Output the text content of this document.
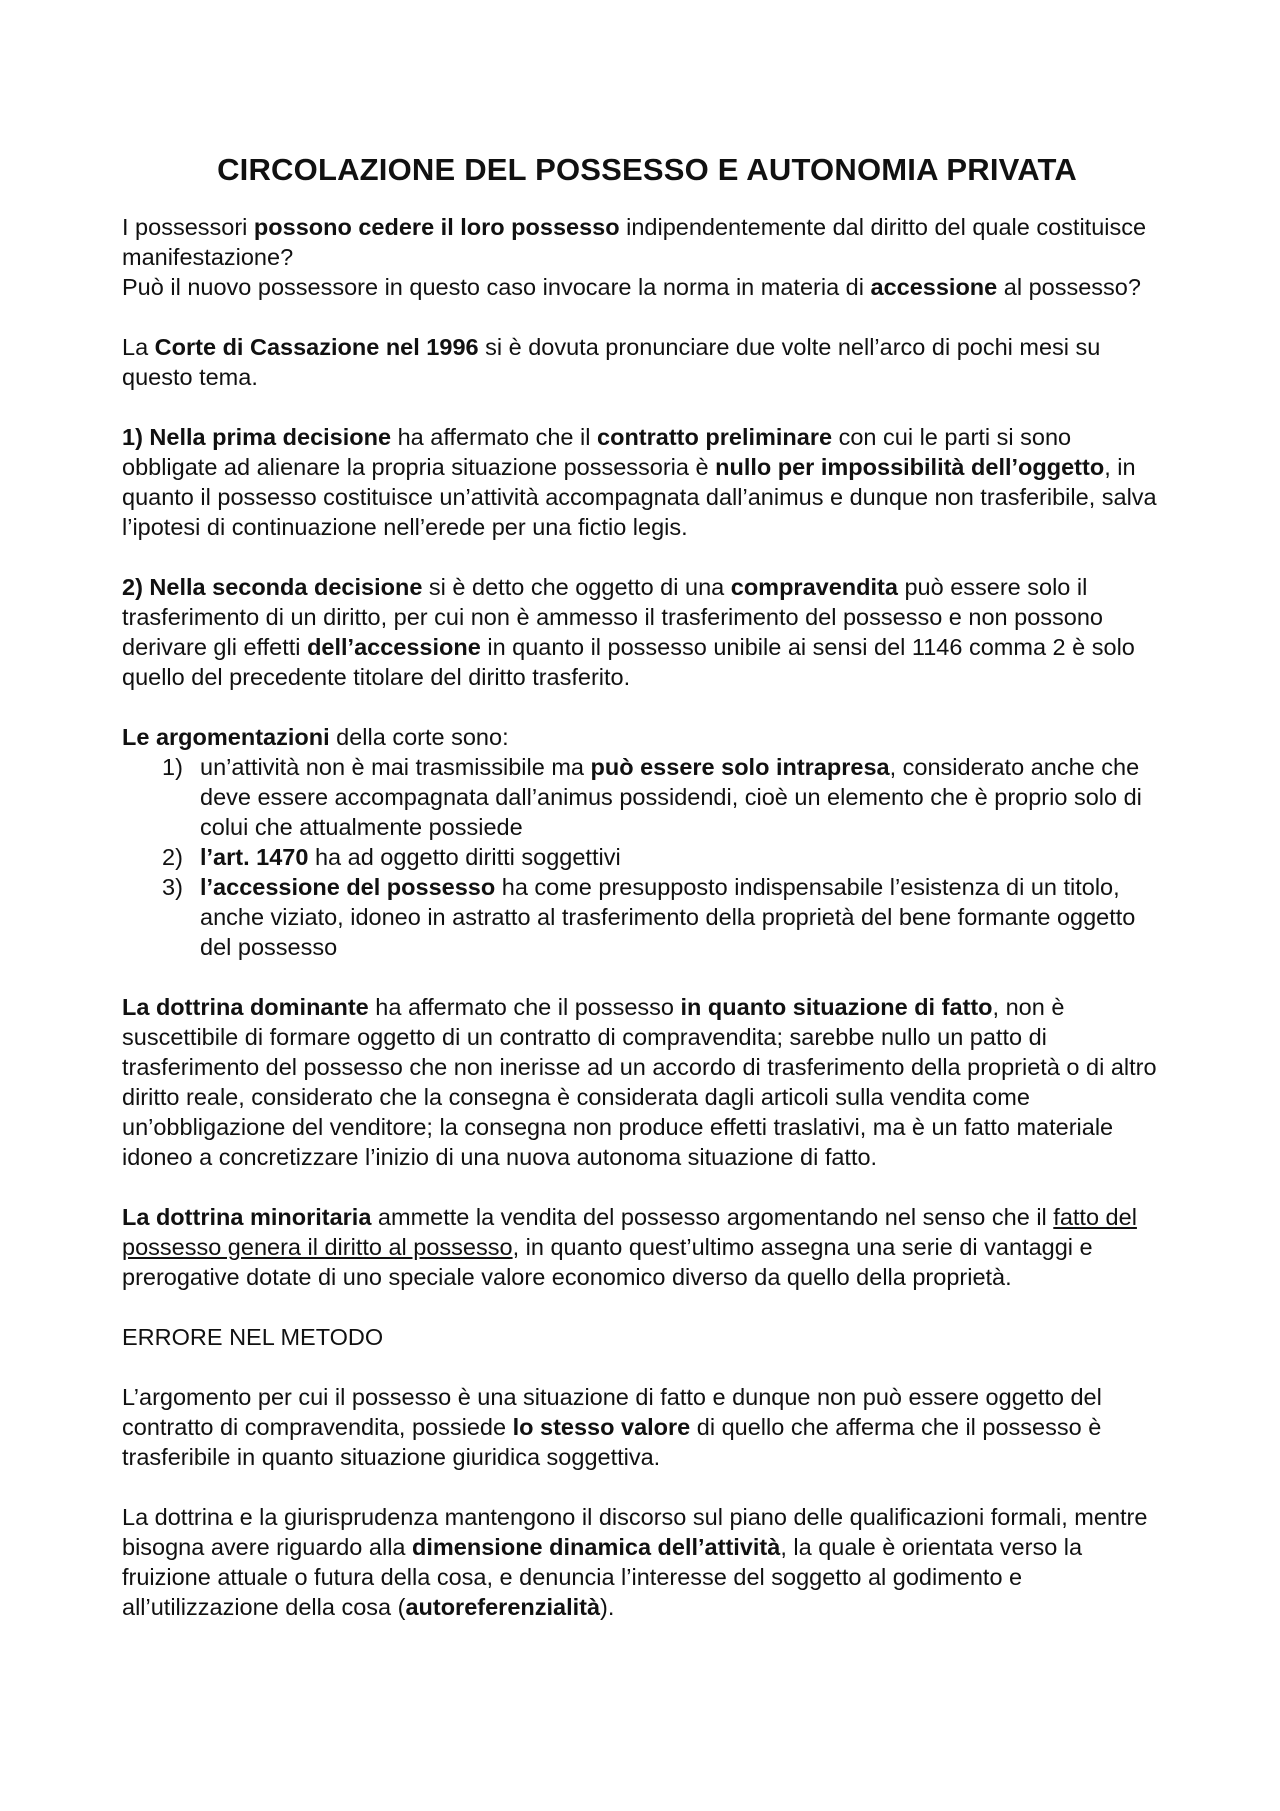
CIRCOLAZIONE DEL POSSESSO E AUTONOMIA PRIVATA

I possessori possono cedere il loro possesso indipendentemente dal diritto del quale costituisce manifestazione?
Può il nuovo possessore in questo caso invocare la norma in materia di accessione al possesso?

La Corte di Cassazione nel 1996 si è dovuta pronunciare due volte nell’arco di pochi mesi su questo tema.

1) Nella prima decisione ha affermato che il contratto preliminare con cui le parti si sono obbligate ad alienare la propria situazione possessoria è nullo per impossibilità dell’oggetto, in quanto il possesso costituisce un’attività accompagnata dall’animus e dunque non trasferibile, salva l’ipotesi di continuazione nell’erede per una fictio legis.

2) Nella seconda decisione si è detto che oggetto di una compravendita può essere solo il trasferimento di un diritto, per cui non è ammesso il trasferimento del possesso e non possono derivare gli effetti dell’accessione in quanto il possesso unibile ai sensi del 1146 comma 2 è solo quello del precedente titolare del diritto trasferito.

Le argomentazioni della corte sono:

1) un’attività non è mai trasmissibile ma può essere solo intrapresa, considerato anche che deve essere accompagnata dall’animus possidendi, cioè un elemento che è proprio solo di colui che attualmente possiede
2) l’art. 1470 ha ad oggetto diritti soggettivi
3) l’accessione del possesso ha come presupposto indispensabile l’esistenza di un titolo, anche viziato, idoneo in astratto al trasferimento della proprietà del bene formante oggetto del possesso

La dottrina dominante ha affermato che il possesso in quanto situazione di fatto, non è suscettibile di formare oggetto di un contratto di compravendita; sarebbe nullo un patto di trasferimento del possesso che non inerisse ad un accordo di trasferimento della proprietà o di altro diritto reale, considerato che la consegna è considerata dagli articoli sulla vendita come un’obbligazione del venditore; la consegna non produce effetti traslativi, ma è un fatto materiale idoneo a concretizzare l’inizio di una nuova autonoma situazione di fatto.

La dottrina minoritaria ammette la vendita del possesso argomentando nel senso che il fatto del possesso genera il diritto al possesso, in quanto quest’ultimo assegna una serie di vantaggi e prerogative dotate di uno speciale valore economico diverso da quello della proprietà.

ERRORE NEL METODO

L’argomento per cui il possesso è una situazione di fatto e dunque non può essere oggetto del contratto di compravendita, possiede lo stesso valore di quello che afferma che il possesso è trasferibile in quanto situazione giuridica soggettiva.

La dottrina e la giurisprudenza mantengono il discorso sul piano delle qualificazioni formali, mentre bisogna avere riguardo alla dimensione dinamica dell’attività, la quale è orientata verso la fruizione attuale o futura della cosa, e denuncia l’interesse del soggetto al godimento e all’utilizzazione della cosa (autoreferenzialità).
